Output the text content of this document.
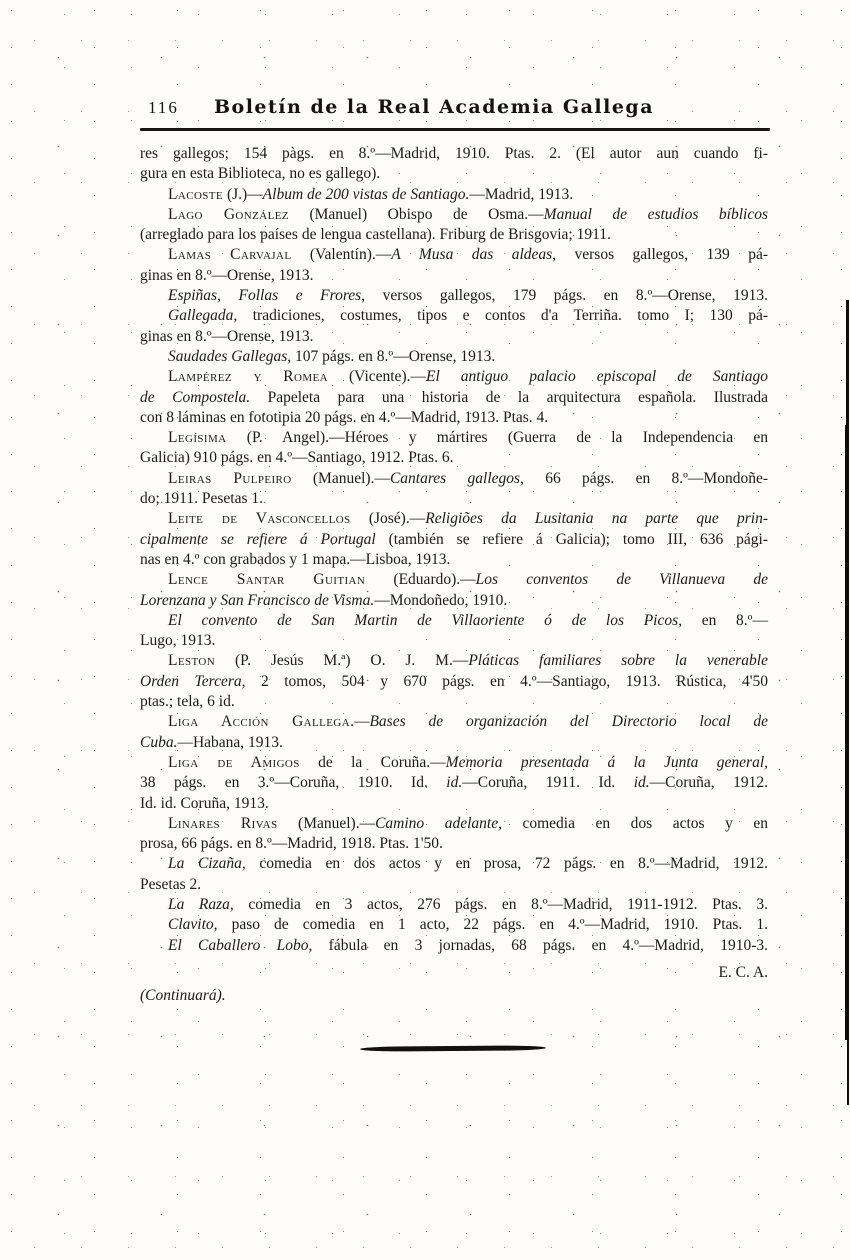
116	Boletín de la Real Academia Gallega
res gallegos; 154 pàgs. en 8.º—Madrid, 1910. Ptas. 2. (El autor aun cuando fi-
gura en esta Biblioteca, no es gallego).
Lacoste (J.)—Album de 200 vistas de Santiago.—Madrid, 1913.
Lago González (Manuel) Obispo de Osma.—Manual de estudios bíblicos
(arreglado para los países de lengua castellana). Friburg de Brisgovia; 1911.
Lamas Carvajal (Valentín).—A Musa das aldeas, versos gallegos, 139 pá-
ginas en 8.º—Orense, 1913.
Espiñas, Follas e Frores, versos gallegos, 179 págs. en 8.º—Orense, 1913.
Gallegada, tradiciones, costumes, tipos e contos d'a Terriña. tomo I; 130 pá-
ginas en 8.º—Orense, 1913.
Saudades Gallegas, 107 págs. en 8.º—Orense, 1913.
Lampérez y Romea (Vicente).—El antiguo palacio episcopal de Santiago
de Compostela. Papeleta para una historia de la arquitectura española. Ilustrada
con 8 láminas en fototipia 20 págs. en 4.º—Madrid, 1913. Ptas. 4.
Legísima (P. Angel).—Héroes y mártires (Guerra de la Independencia en
Galicia) 910 págs. en 4.º—Santiago, 1912. Ptas. 6.
Leiras Pulpeiro (Manuel).—Cantares gallegos, 66 págs. en 8.º—Mondoñe-
do; 1911. Pesetas 1.
Leite de Vasconcellos (José).—Religiões da Lusitania na parte que prin-
cipalmente se refiere á Portugal (también se refiere á Galicia); tomo III, 636 pági-
nas en 4.º con grabados y 1 mapa.—Lisboa, 1913.
Lence Santar Guitian (Eduardo).—Los conventos de Villanueva de
Lorenzana y San Francisco de Visma.—Mondoñedo, 1910.
El convento de San Martin de Villaoriente ó de los Picos, en 8.º—
Lugo, 1913.
Leston (P. Jesús M.ª) O. J. M.—Pláticas familiares sobre la venerable
Orden Tercera, 2 tomos, 504 y 670 págs. en 4.º—Santiago, 1913. Rústica, 4'50
ptas.; tela, 6 id.
Liga Acción Gallega.—Bases de organización del Directorio local de
Cuba.—Habana, 1913.
Liga de Amigos de la Coruña.—Memoria presentada á la Junta general,
38 págs. en 3.º—Coruña, 1910. Id. id.—Coruña, 1911. Id. id.—Coruña, 1912.
Id. id. Coruña, 1913.
Linares Rivas (Manuel).—Camino adelante, comedia en dos actos y en
prosa, 66 págs. en 8.º—Madrid, 1918. Ptas. 1'50.
La Cizaña, comedia en dos actos y en prosa, 72 págs. en 8.º—Madrid, 1912.
Pesetas 2.
La Raza, comedia en 3 actos, 276 págs. en 8.º—Madrid, 1911-1912. Ptas. 3.
Clavito, paso de comedia en 1 acto, 22 págs. en 4.º—Madrid, 1910. Ptas. 1.
El Caballero Lobo, fábula en 3 jornadas, 68 págs. en 4.º—Madrid, 1910-3.
E. C. A.
(Continuará).
